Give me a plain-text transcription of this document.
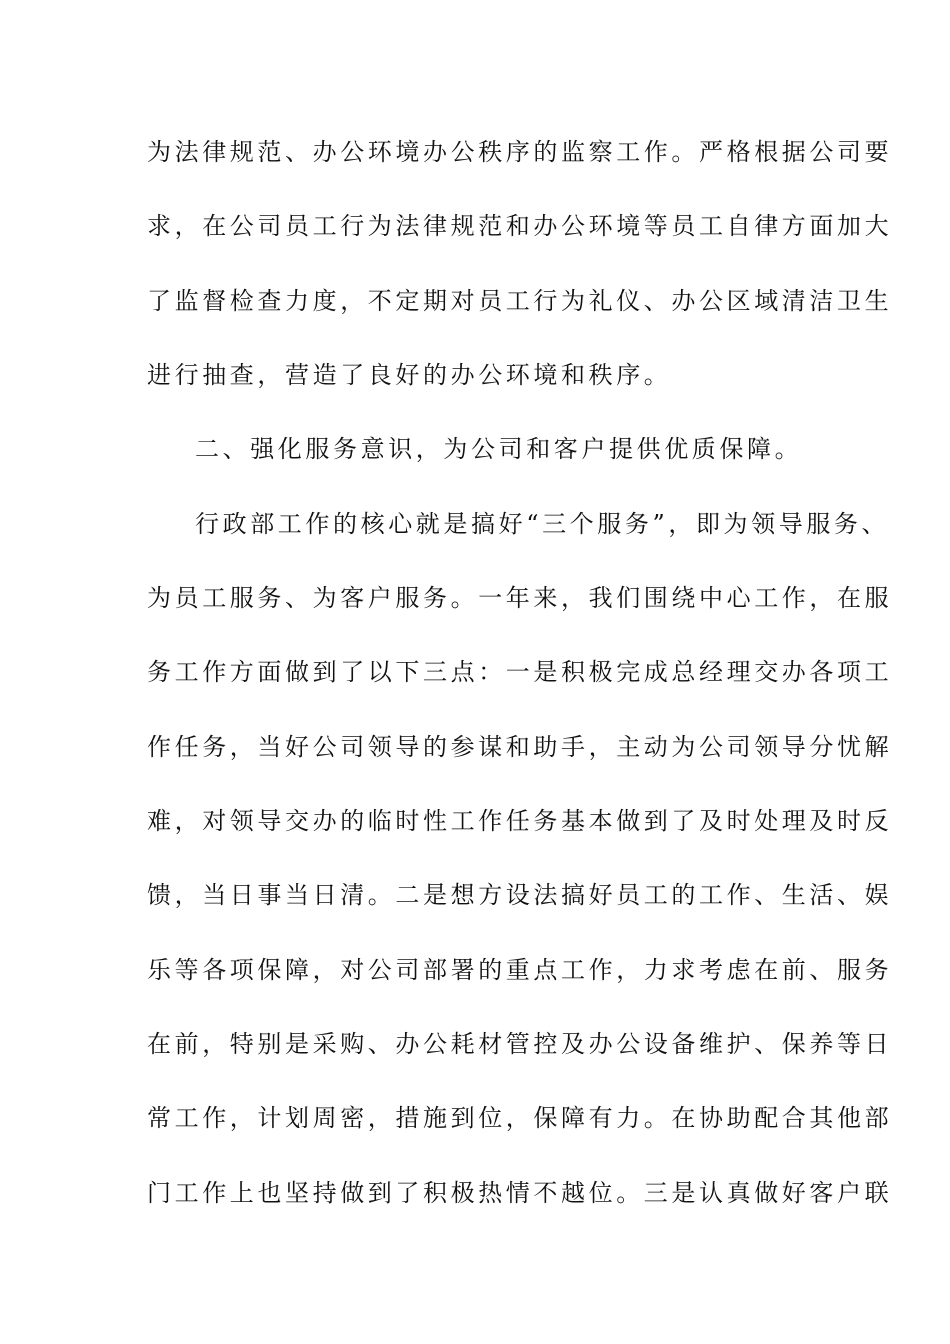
为法律规范、办公环境办公秩序的监察工作。严格根据公司要
求，在公司员工行为法律规范和办公环境等员工自律方面加大
了监督检查力度，不定期对员工行为礼仪、办公区域清洁卫生
进行抽查，营造了良好的办公环境和秩序。
二、强化服务意识，为公司和客户提供优质保障。
行政部工作的核心就是搞好“三个服务”，即为领导服务、
为员工服务、为客户服务。一年来，我们围绕中心工作，在服
务工作方面做到了以下三点：一是积极完成总经理交办各项工
作任务，当好公司领导的参谋和助手，主动为公司领导分忧解
难，对领导交办的临时性工作任务基本做到了及时处理及时反
馈，当日事当日清。二是想方设法搞好员工的工作、生活、娱
乐等各项保障，对公司部署的重点工作，力求考虑在前、服务
在前，特别是采购、办公耗材管控及办公设备维护、保养等日
常工作，计划周密，措施到位，保障有力。在协助配合其他部
门工作上也坚持做到了积极热情不越位。三是认真做好客户联
